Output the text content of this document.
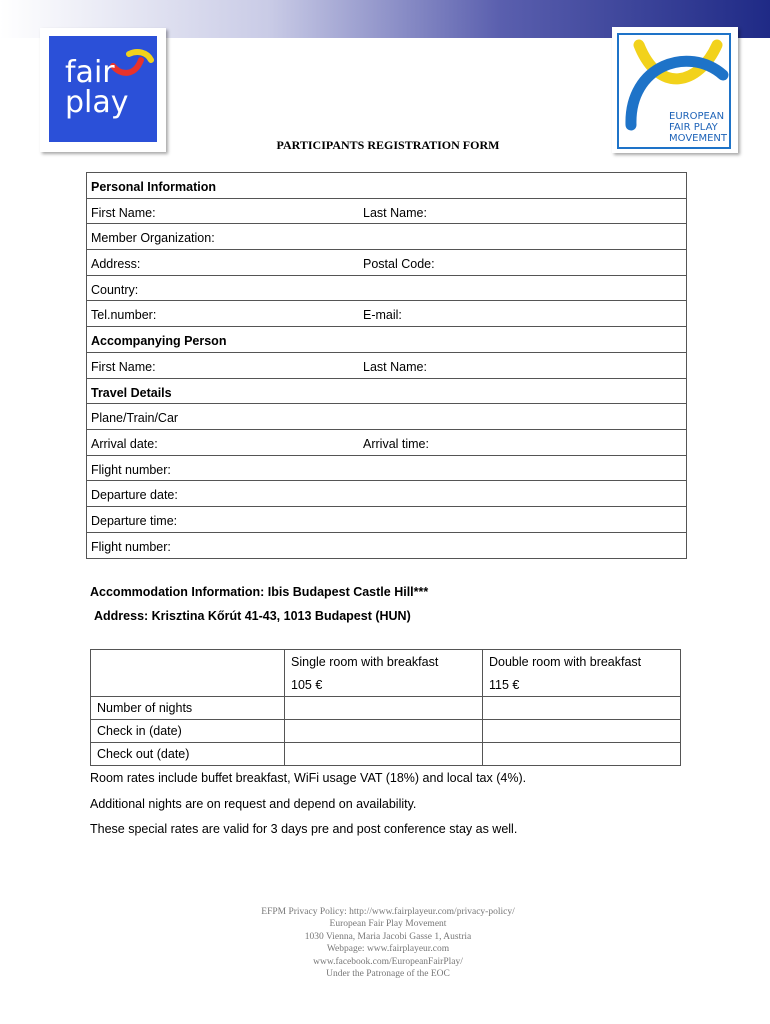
fair
play	EUROPEAN
FAIR PLAY
MOVEMENT
PARTICIPANTS REGISTRATION FORM
Personal Information
First Name:	Last Name:
Member Organization:
Address:	Postal Code:
Country:
Tel.number:	E-mail:
Accompanying Person
First Name:	Last Name:
Travel Details
Plane/Train/Car
Arrival date:	Arrival time:
Flight number:
Departure date:
Departure time:
Flight number:
Accommodation Information: Ibis Budapest Castle Hill***
Address: Krisztina Kőrút 41-43, 1013 Budapest (HUN)
	Single room with breakfast	Double room with breakfast
	105 €	115 €
Number of nights		
Check in (date)		
Check out (date)		
Room rates include buffet breakfast, WiFi usage VAT (18%) and local tax (4%).
Additional nights are on request and depend on availability.
These special rates are valid for 3 days pre and post conference stay as well.
EFPM Privacy Policy: http://www.fairplayeur.com/privacy-policy/
European Fair Play Movement
1030 Vienna, Maria Jacobi Gasse 1, Austria
Webpage: www.fairplayeur.com
www.facebook.com/EuropeanFairPlay/
Under the Patronage of the EOC
